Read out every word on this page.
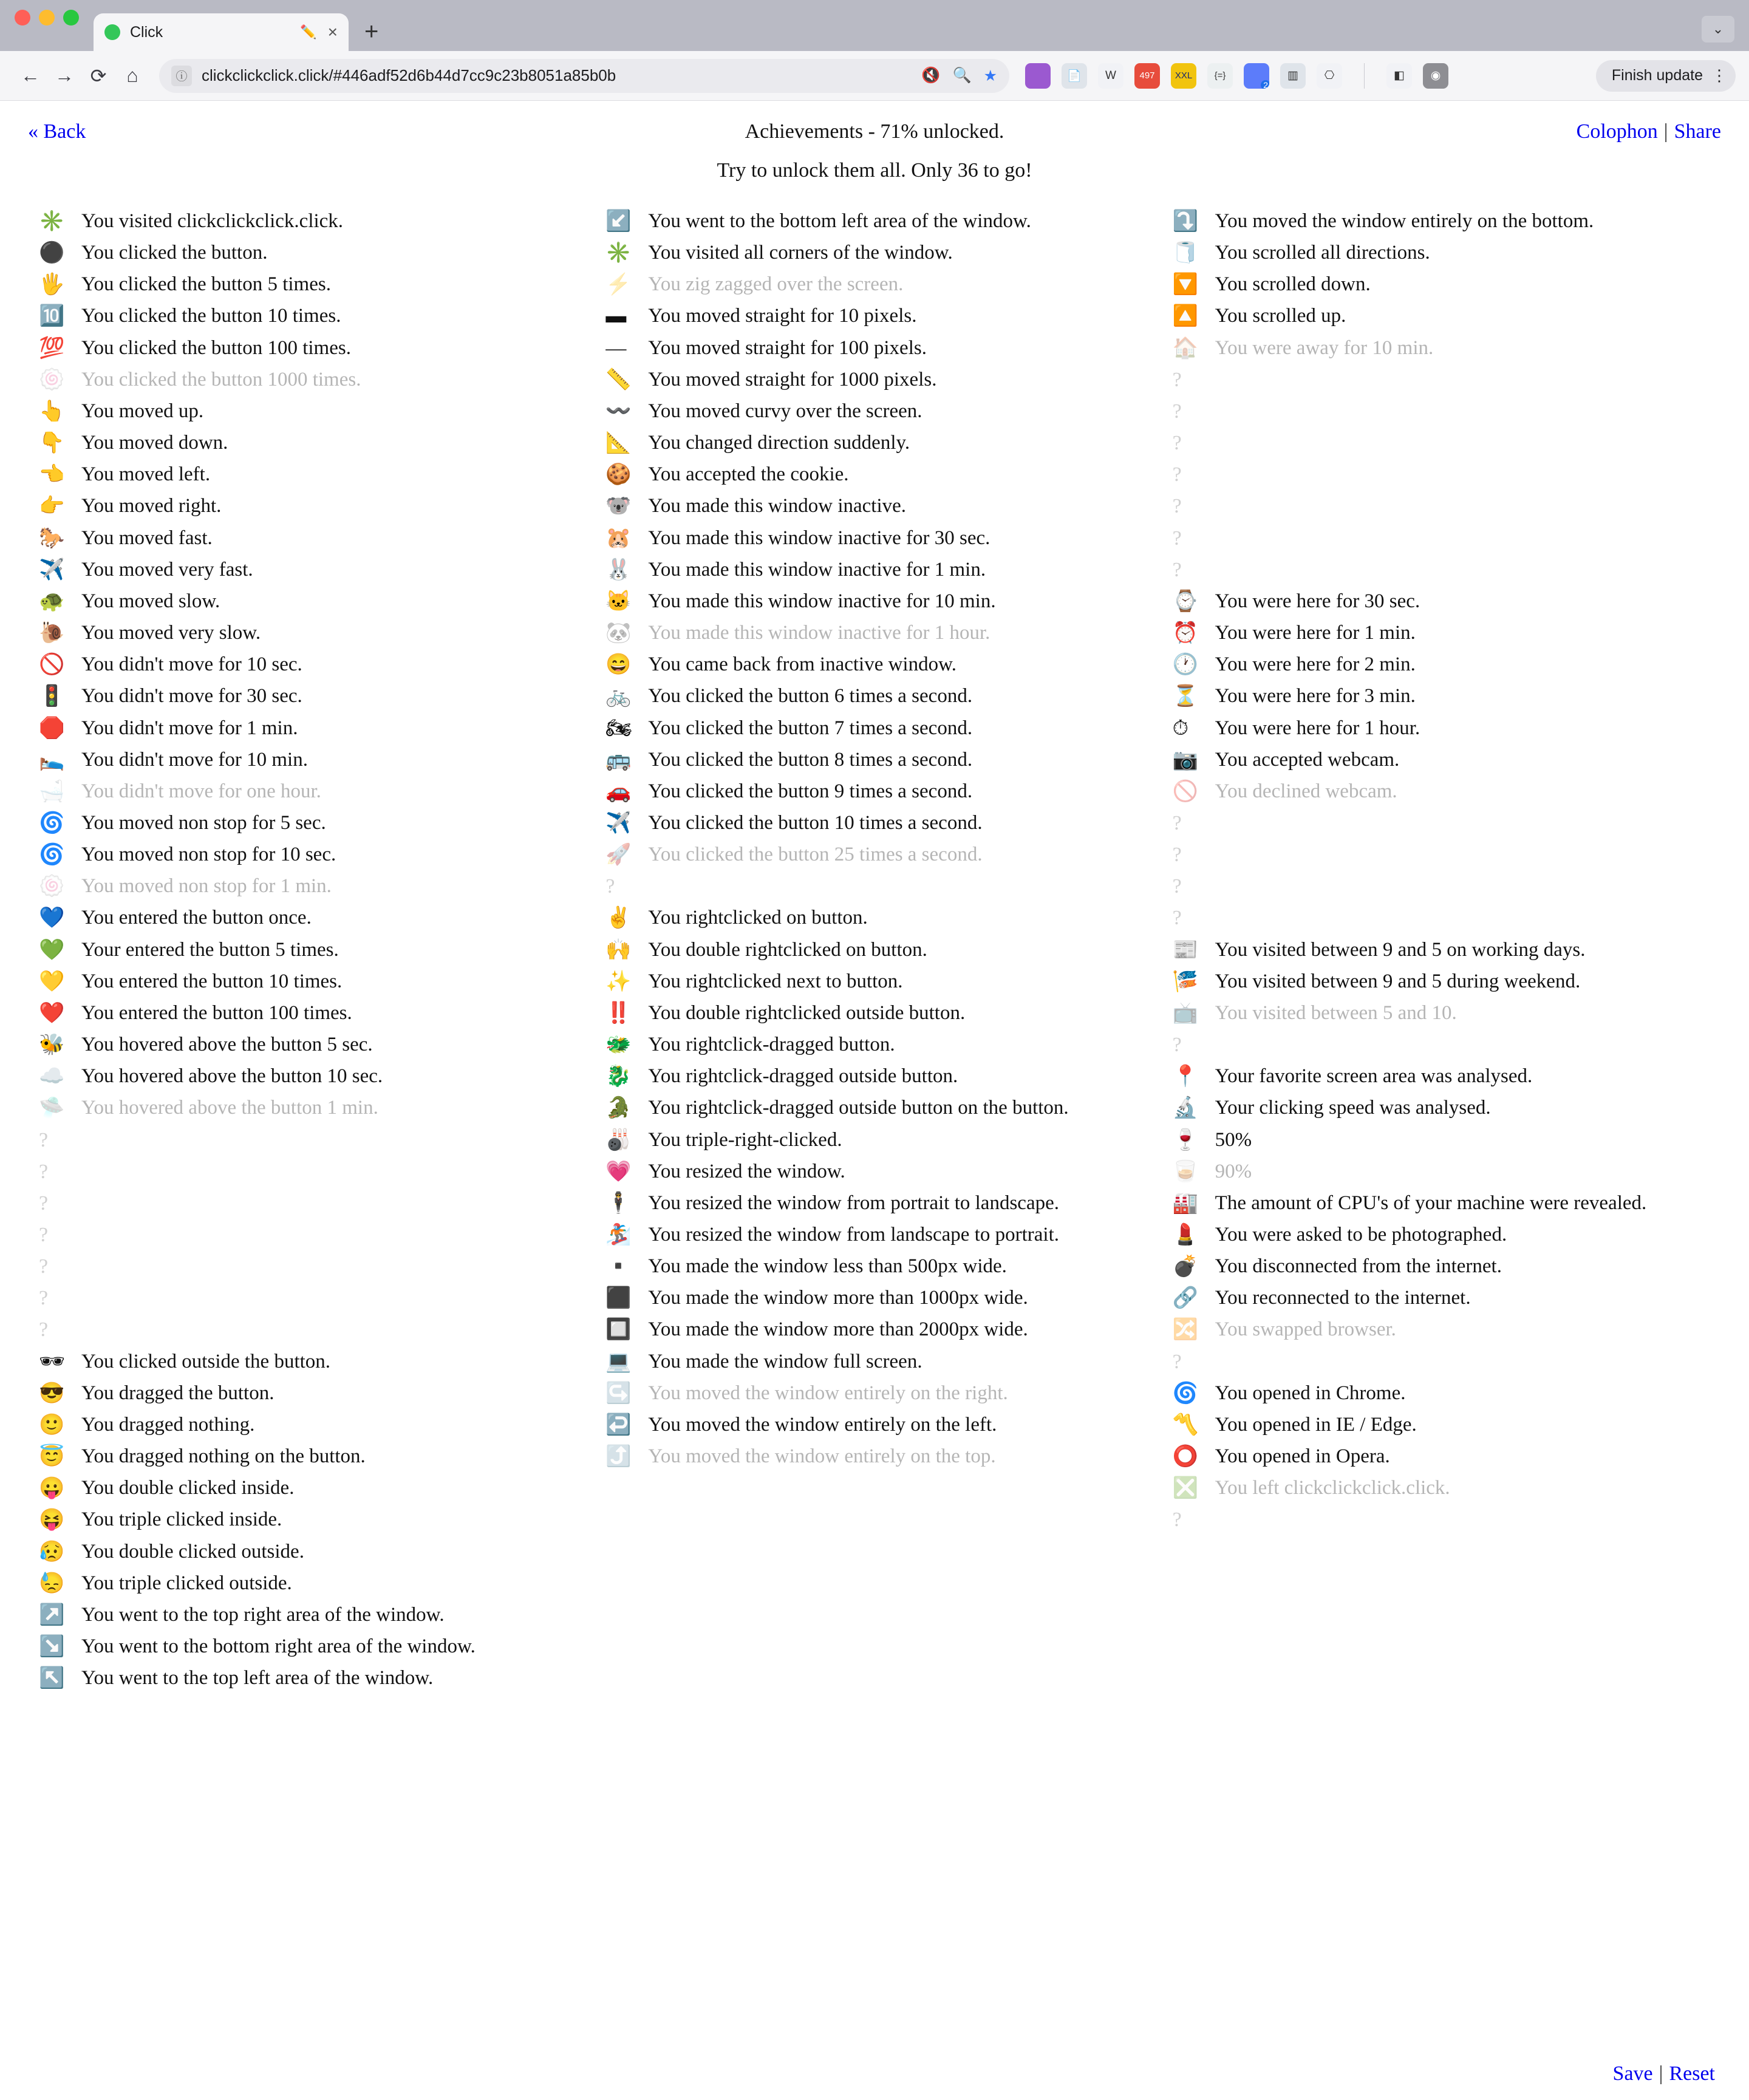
Click	✏️ × +	⌄
← → ⟳	⌂	ⓘ clickclickclick.click/#446adf52d6b44d7cc9c23b8051a85b0b	🔇 🔍 ★	📄	W	497	XXL	{=}
2
▥	⎔	◧	◉	Finish update ⋮
« Back	Achievements - 71% unlocked.	Colophon | Share
Try to unlock them all. Only 36 to go!
✳️ You visited clickclickclick.click.
⚫ You clicked the button.
🖐 You clicked the button 5 times.
🔟 You clicked the button 10 times.
💯 You clicked the button 100 times.
🍥 You clicked the button 1000 times.
👆 You moved up.
👇 You moved down.
👈 You moved left.
👉 You moved right.
🐎 You moved fast.
✈️ You moved very fast.
🐢 You moved slow.
🐌 You moved very slow.
🚫 You didn't move for 10 sec.
🚦 You didn't move for 30 sec.
🛑 You didn't move for 1 min.
🛌 You didn't move for 10 min.
🛁 You didn't move for one hour.
🌀 You moved non stop for 5 sec.
🌀 You moved non stop for 10 sec.
🍥 You moved non stop for 1 min.
💙 You entered the button once.
💚 Your entered the button 5 times.
💛 You entered the button 10 times.
❤️ You entered the button 100 times.
🐝 You hovered above the button 5 sec.
☁️ You hovered above the button 10 sec.
🛸 You hovered above the button 1 min.
?
?
?
?
?
?
?
🕶 You clicked outside the button.
😎 You dragged the button.
🙂 You dragged nothing.
😇 You dragged nothing on the button.
😛 You double clicked inside.
😝 You triple clicked inside.
😥 You double clicked outside.
😓 You triple clicked outside.
↗️ You went to the top right area of the window.
↘️ You went to the bottom right area of the window.
↖️ You went to the top left area of the window.
↙️ You went to the bottom left area of the window.
✳️ You visited all corners of the window.
⚡ You zig zagged over the screen.
▬	You moved straight for 10 pixels.
—	You moved straight for 100 pixels.
📏 You moved straight for 1000 pixels.
〰️ You moved curvy over the screen.
📐 You changed direction suddenly.
🍪 You accepted the cookie.
🐨 You made this window inactive.
🐹 You made this window inactive for 30 sec.
🐰 You made this window inactive for 1 min.
🐱 You made this window inactive for 10 min.
🐼 You made this window inactive for 1 hour.
😄 You came back from inactive window.
🚲 You clicked the button 6 times a second.
🏍 You clicked the button 7 times a second.
🚌 You clicked the button 8 times a second.
🚗 You clicked the button 9 times a second.
✈️ You clicked the button 10 times a second.
🚀 You clicked the button 25 times a second.
?
✌️ You rightclicked on button.
🙌 You double rightclicked on button.
✨ You rightclicked next to button.
‼️ You double rightclicked outside button.
🐲 You rightclick-dragged button.
🐉 You rightclick-dragged outside button.
🐊 You rightclick-dragged outside button on the button.
🎳 You triple-right-clicked.
💗 You resized the window.
🕴 You resized the window from portrait to landscape.
🏂 You resized the window from landscape to portrait.
▪️ You made the window less than 500px wide.
⬛ You made the window more than 1000px wide.
🔲 You made the window more than 2000px wide.
💻 You made the window full screen.
↪️ You moved the window entirely on the right.
↩️ You moved the window entirely on the left.
⤴️ You moved the window entirely on the top.
⤵️ You moved the window entirely on the bottom.
🧻 You scrolled all directions.
🔽 You scrolled down.
🔼 You scrolled up.
🏠 You were away for 10 min.
?
?
?
?
?
?
?
⌚ You were here for 30 sec.
⏰ You were here for 1 min.
🕐 You were here for 2 min.
⏳ You were here for 3 min.
⏱	You were here for 1 hour.
📷 You accepted webcam.
🚫 You declined webcam.
?
?
?
?
📰 You visited between 9 and 5 on working days.
🎏 You visited between 9 and 5 during weekend.
📺 You visited between 5 and 10.
?
📍 Your favorite screen area was analysed.
🔬 Your clicking speed was analysed.
🍷 50%
🥃 90%
🏭 The amount of CPU's of your machine were revealed.
💄 You were asked to be photographed.
💣 You disconnected from the internet.
🔗 You reconnected to the internet.
🔀 You swapped browser.
?
🌀 You opened in Chrome.
〽️ You opened in IE / Edge.
⭕ You opened in Opera.
❎ You left clickclickclick.click.
?
Save | Reset
